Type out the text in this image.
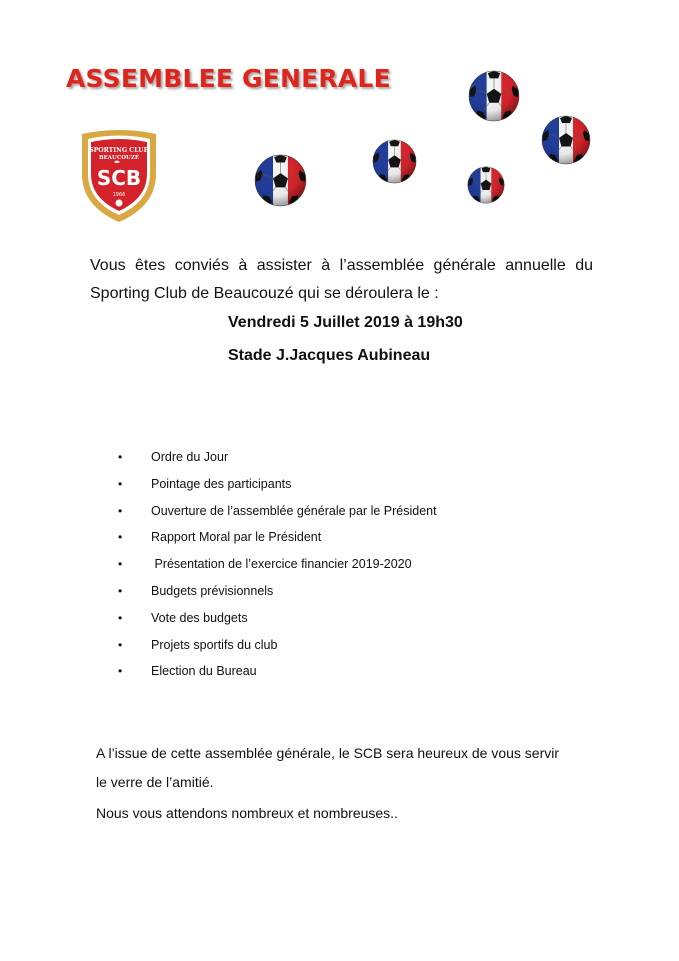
ASSEMBLEE GENERALE
SPORTING CLUB
BEAUCOUZÉ
SCB
1966
Vous êtes conviés à assister à l’assemblée générale annuelle du Sporting Club de Beaucouzé qui se déroulera le :
Vendredi 5 Juillet 2019 à 19h30
Stade J.Jacques Aubineau
• Ordre du Jour
• Pointage des participants
• Ouverture de l’assemblée générale par le Président
• Rapport Moral par le Président
• Présentation de l’exercice financier 2019-2020
• Budgets prévisionnels
• Vote des budgets
• Projets sportifs du club
• Election du Bureau
A l’issue de cette assemblée générale, le SCB sera heureux de vous servir
le verre de l’amitié.
Nous vous attendons nombreux et nombreuses..
